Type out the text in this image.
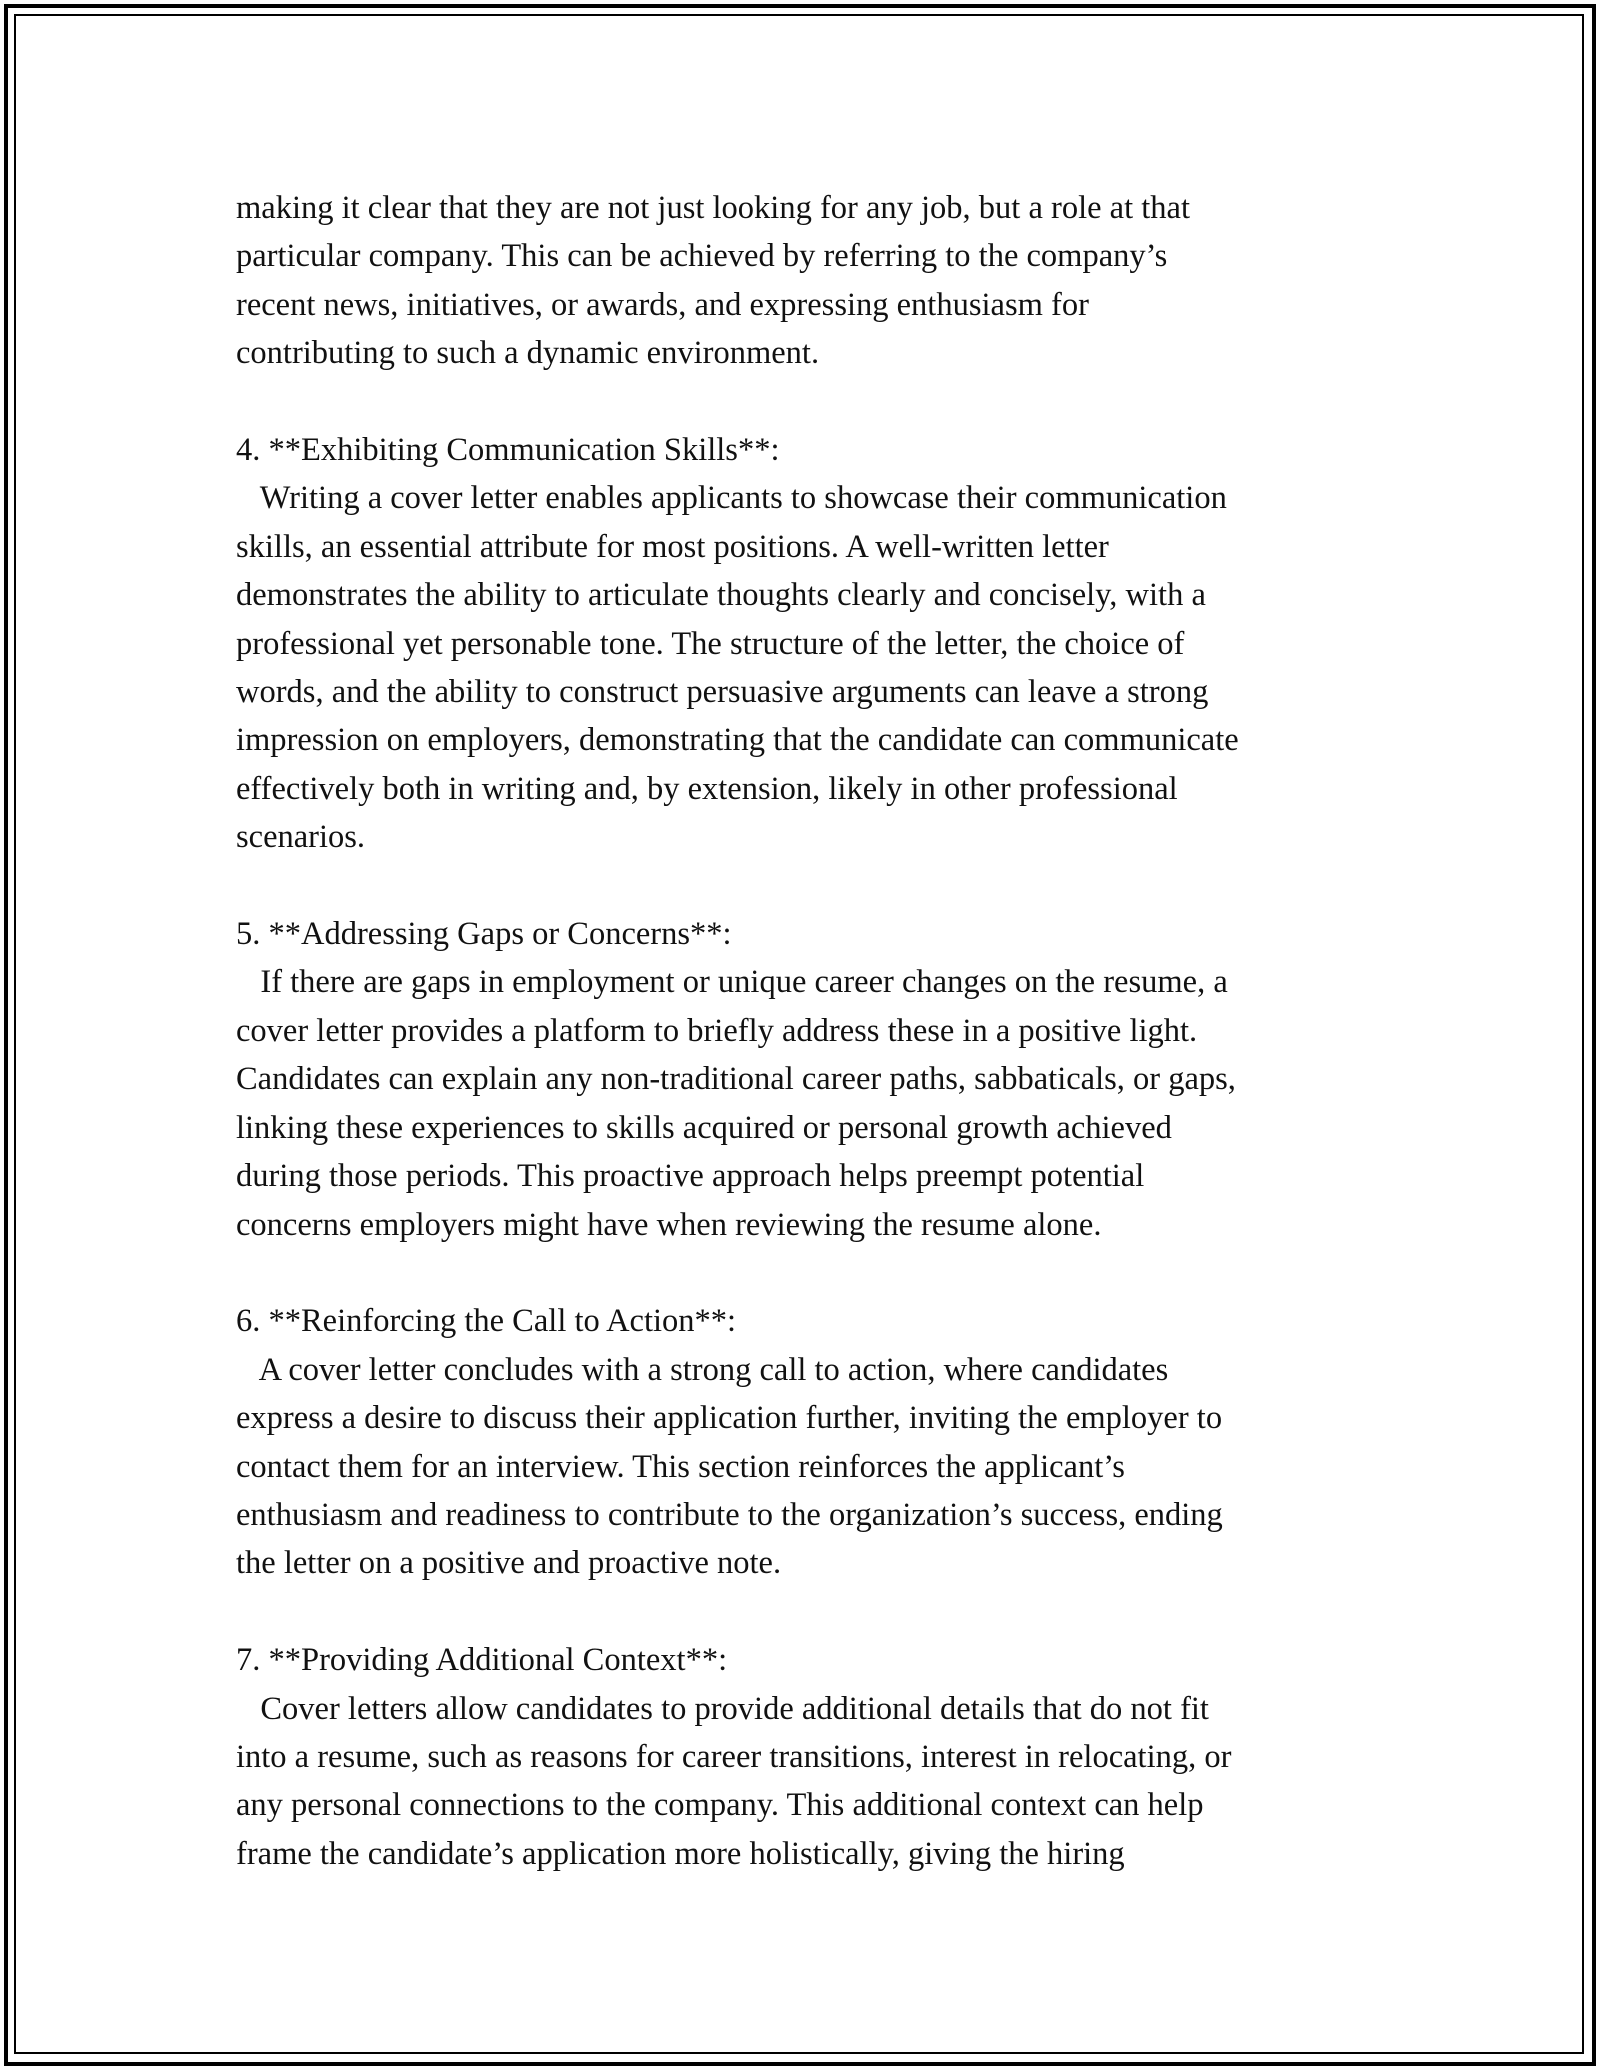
making it clear that they are not just looking for any job, but a role at that
particular company. This can be achieved by referring to the company’s
recent news, initiatives, or awards, and expressing enthusiasm for
contributing to such a dynamic environment.
4. **Exhibiting Communication Skills**:
Writing a cover letter enables applicants to showcase their communication
skills, an essential attribute for most positions. A well-written letter
demonstrates the ability to articulate thoughts clearly and concisely, with a
professional yet personable tone. The structure of the letter, the choice of
words, and the ability to construct persuasive arguments can leave a strong
impression on employers, demonstrating that the candidate can communicate
effectively both in writing and, by extension, likely in other professional
scenarios.
5. **Addressing Gaps or Concerns**:
If there are gaps in employment or unique career changes on the resume, a
cover letter provides a platform to briefly address these in a positive light.
Candidates can explain any non-traditional career paths, sabbaticals, or gaps,
linking these experiences to skills acquired or personal growth achieved
during those periods. This proactive approach helps preempt potential
concerns employers might have when reviewing the resume alone.
6. **Reinforcing the Call to Action**:
A cover letter concludes with a strong call to action, where candidates
express a desire to discuss their application further, inviting the employer to
contact them for an interview. This section reinforces the applicant’s
enthusiasm and readiness to contribute to the organization’s success, ending
the letter on a positive and proactive note.
7. **Providing Additional Context**:
Cover letters allow candidates to provide additional details that do not fit
into a resume, such as reasons for career transitions, interest in relocating, or
any personal connections to the company. This additional context can help
frame the candidate’s application more holistically, giving the hiring
